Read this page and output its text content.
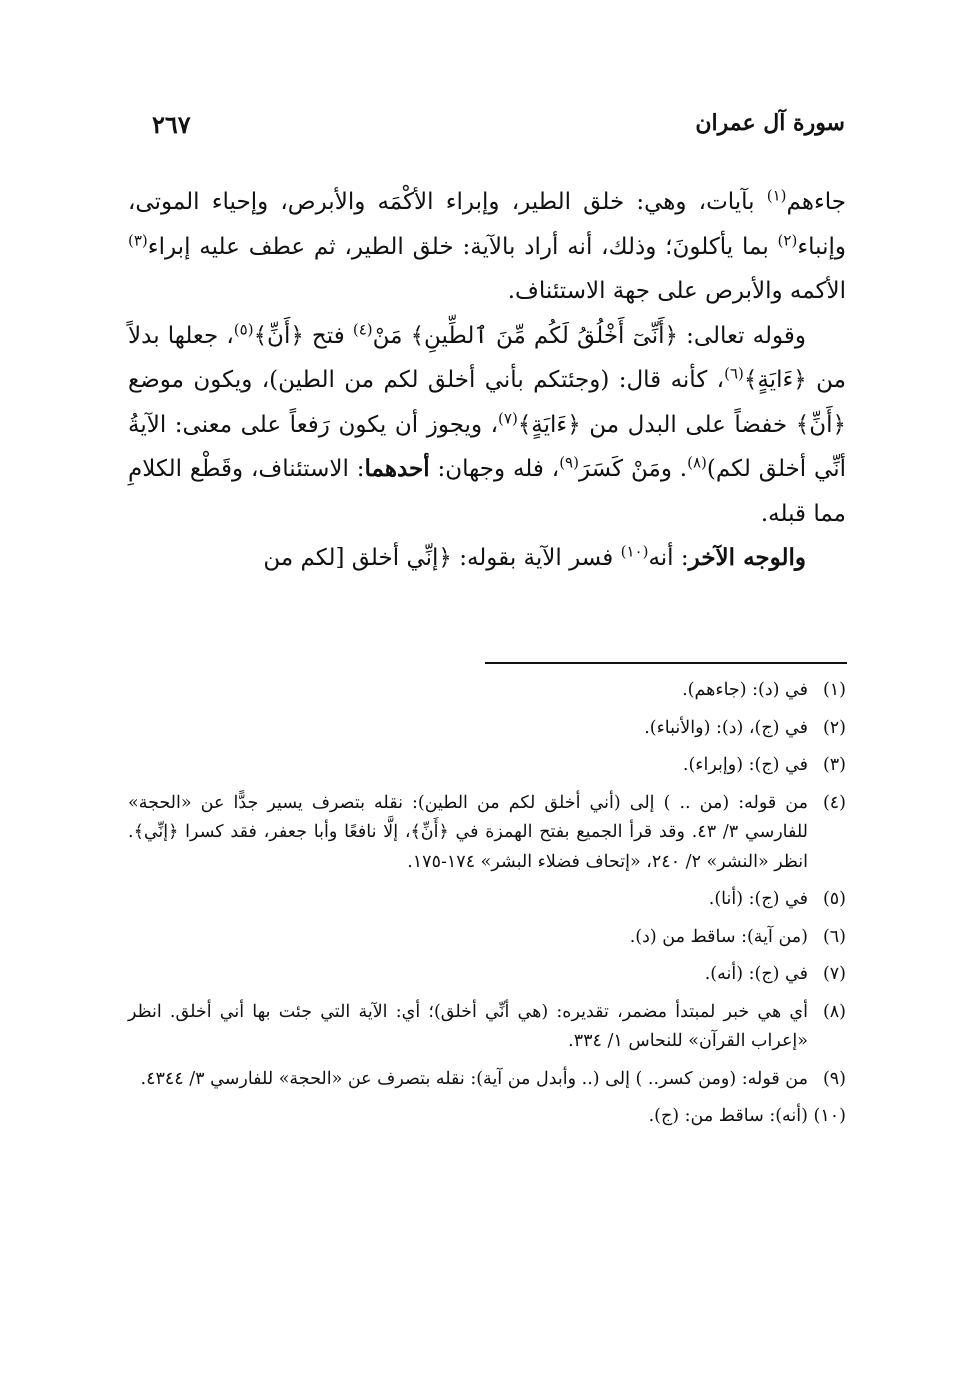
سورة آل عمران
٢٦٧

جاءهم$^{(١)}$ بآيات، وهي: خلق الطير، وإبراء الأكْمَه والأبرص، وإحياء الموتى، وإنباء$^{(٢)}$ بما يأكلونَ؛ وذلك، أنه أراد بالآية: خلق الطير، ثم عطف عليه إبراء$^{(٣)}$ الأكمه والأبرص على جهة الاستئناف.

وقوله تعالى: ﴿أَنِّىٓ أَخْلُقُ لَكُم مِّنَ ٱلطِّينِ﴾ مَنْ$^{(٤)}$ فتح ﴿أَنِّ﴾$^{(٥)}$، جعلها بدلاً من ﴿ءَايَةٍ﴾$^{(٦)}$، كأنه قال: (وجئتكم بأني أخلق لكم من الطين)، ويكون موضع ﴿أَنِّ﴾ خفضاً على البدل من ﴿ءَايَةٍ﴾$^{(٧)}$، ويجوز أن يكون رَفعاً على معنى: الآيةُ أنِّي أخلق لكم)$^{(٨)}$. ومَنْ كَسَرَ$^{(٩)}$، فله وجهان: أحدهما: الاستئناف، وقَطْع الكلامِ مما قبله.

والوجه الآخر: أنه$^{(١٠)}$ فسر الآية بقوله: ﴿إنِّي أخلق [لكم من

(١)
في (د): (جاءهم).
(٢)
في (ج)، (د): (والأنباء).
(٣)
في (ج): (وإبراء).
(٤)
من قوله: (من .. ) إلى (أني أخلق لكم من الطين): نقله بتصرف يسير جدًّا عن «الحجة» للفارسي ٣/ ٤٣. وقد قرأ الجميع بفتح الهمزة في ﴿أَنِّ﴾، إلَّا نافعًا وأبا جعفر، فقد كسرا ﴿إنِّي﴾. انظر «النشر» ٢/ ٢٤٠، «إتحاف فضلاء البشر» ١٧٤-١٧٥.
(٥)
في (ج): (أنا).
(٦)
(من آية): ساقط من (د).
(٧)
في (ج): (أنه).
(٨)
أي هي خبر لمبتدأ مضمر، تقديره: (هي أنِّي أخلق)؛ أي: الآية التي جئت بها أني أخلق. انظر «إعراب القرآن» للنحاس ١/ ٣٣٤.
(٩)
من قوله: (ومن كسر.. ) إلى (.. وأبدل من آية): نقله بتصرف عن «الحجة» للفارسي ٣/ ٤٣٤٤.
(١٠)
(أنه): ساقط من: (ج).
